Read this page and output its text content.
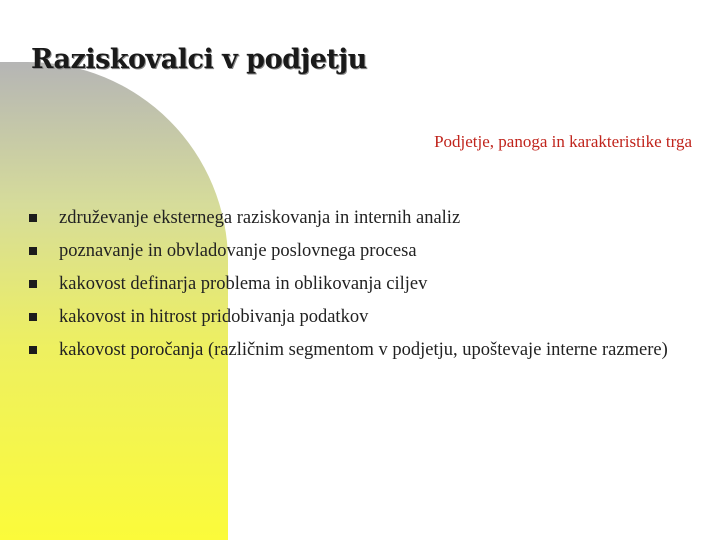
Raziskovalci v podjetju
Podjetje, panoga in karakteristike trga
združevanje eksternega raziskovanja in internih analiz
poznavanje in obvladovanje poslovnega procesa
kakovost definarja problema in oblikovanja ciljev
kakovost in hitrost pridobivanja podatkov
kakovost poročanja (različnim segmentom v podjetju, upoštevaje interne razmere)
